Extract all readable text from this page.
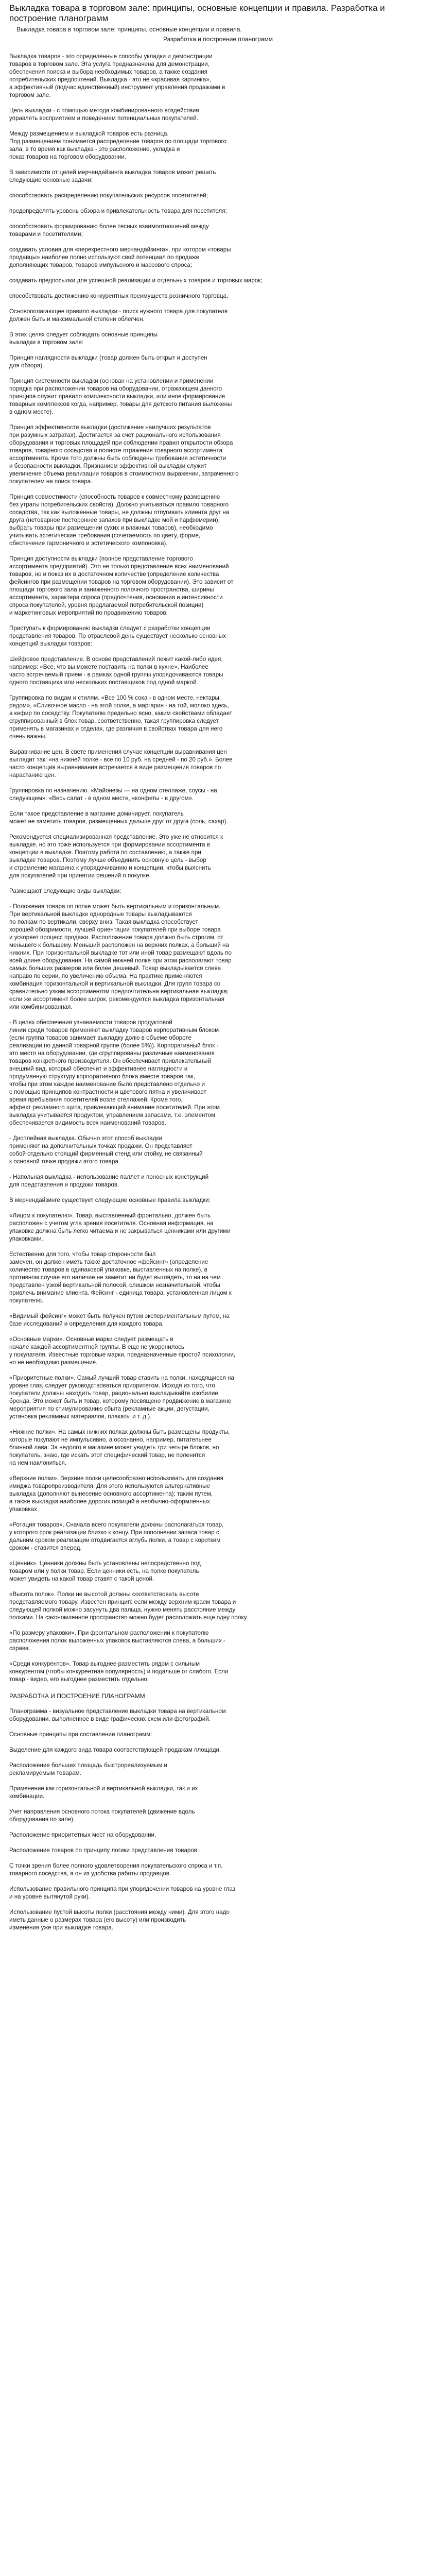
Выкладка товара в торговом зале: принципы, основные концепции и правила. Разработка и построение планограмм
Выкладка товара в торговом зале: принципы, основные концепции и правила.
Разработка и построение планограмм
Выкладка товаров - это определенные способы укладки и демонстрации
товаров в торговом зале. Эта услуга предназначена для демонстрации,
обеспечения поиска и выбора необходимых товаров, а также создания
потребительских предпочтений. Выкладка - это не «красивая картинка»,
а эффективный (подчас единственный) инструмент управления продажами в
торговом зале.
Цель выкладки - с помощью метода комбинированного воздействия
управлять восприятием и поведением потенциальных покупателей.
Между размещением и выкладкой товаров есть разница.
Под размещением понимается распределение товаров по площади торгового
зала, в то время как выкладка - это расположение, укладка и
показ товаров на торговом оборудовании.
В зависимости от целей мерчендайзинга выкладка товаров может решать
следующие основные задачи:
способствовать распределению покупательских ресурсов посетителей;
предопределять уровень обзора и привлекательность товара для посетителя;
способствовать формированию более тесных взаимоотношений между
товарами и посетителями;
создавать условия для «перекрестного мерчандайзинга», при котором «товары
продавцы» наиболее полно используют свой потенциал по продаже
дополняющих товаров, товаров импульсного и массового спроса;
создавать предпосылки для успешной реализации и отдельных товаров и торговых марок;
способствовать достижению конкурентных преимуществ розничного торговца.
Основополагающее правило выкладки - поиск нужного товара для покупателя
должен быть и максимальной степени облегчен.
В этих целях следует соблюдать основные принципы
выкладки в торговом зале:
Принцип наглядности выкладки (товар должен быть открыт и доступен
для обзора).
Принцип системности выкладки (основан на установлении и применении
порядка при расположении товаров на оборудовании, отражающем данного
принципа служит правило комплексности выкладки, или иное формирование
товарных комплексов когда, например, товары для детского питания выложены
в одном месте).
Принцип эффективности выкладки (достижение наилучших результатов
при разумных затратах). Достигается за счет рационального использования
оборудования и торговых площадей при соблюдении правил открытости обзора
товаров, товарного соседства и полноте отражения товарного ассортимента
ассортимента. Кроме того должны быть соблюдены требования эстетичности
и безопасности выкладки. Признанием эффективной выкладки служит
увеличение объема реализации товаров в стоимостном выражении, затраченного
покупателем на поиск товара.
Принцип совместимости (способность товаров к совместному размещению
без утраты потребительских свойств). Должно учитываться правило товарного
соседства, так как выложенные товары, не должны отпугивать клиента друг на
друга (нетоварное постороннее запахов при выкладке мой и парфюмерии),
выбрать товары при размещении сухих и влажных товаров), необходимо
учитывать эстетические требования (сочетаемость по цвету, форме,
обеспечение гармоничного и эстетического компоновка).
Принцип доступности выкладки (полное представление торгового
ассортимента предприятий). Это не только представление всех наименований
товаров, но и показ их в достаточном количестве (определение количества
фейсингов при размещении товаров на торговом оборудовании). Это зависит от
площади торгового зала и заниженного полочного пространства, ширины
ассортимента, характера спроса (предпочтения, основания и интенсивности
спроса покупателей, уровня предлагаемой потребительской позиции)
и маркетинговых мероприятий по продвижению товаров.
Приступать к формированию выкладки следует с разработки концепции
представления товаров. По отраслевой день существует несколько основных
концепций выкладки товаров:
Шейфовое представление. В основе представлений лежит какой-либо идея,
например: «Все, что вы можете поставить на полки в кухне». Наиболее
часто встречаемый прием - в рамках одной группы упорядочиваются товары
одного поставщика или нескольких поставщиков под одной маркой.
Группировка по видам и стилям. «Все 100 % сока - в одном месте, нектары,
рядом», «Сливочное масло - на этой полке, а маргарин - на той, молоко здесь,
а кефир по соседству. Покупателю предельно ясно, каким свойствами обладает
сгруппированный в блок товар, соответственно, такая группировка следует
применять в магазинах и отделах, где различия в свойствах товара для него
очень важны.
Выравнивание цен. В свете применения случае концепции выравнивания цен
выглядит так: «на нижней полке - все по 10 руб. на средней - по 20 руб.». Более
часто концепция выравнивания встречается в виде размещения товаров по
нарастанию цен.
Группировка по назначению. «Майонезы — на одном стеллаже, соусы - на
следующем». «Весь салат - в одном месте, «конфеты - в другом».
Если такое представление в магазине доминирует, покупатель
может не заметить товаров, размещенных дальше друг от друга (соль, сахар).
Рекомендуется специализированная представление. Это уже не относится к
выкладке, но это тоже используется при формировании ассортимента в
концепции в выкладке. Поэтому работа по составлению, а также при
выкладке товаров. Поэтому лучше объединить основную цель - выбор
и стремление магазина к упорядочиванию и концепции, чтобы выяснить
для покупателей при принятии решений о покупке.
Размещают следующие виды выкладки:
- Положения товара по полке может быть вертикальным и горизонтальным.
При вертикальной выкладке однородные товары выкладываются
по полкам по вертикали, сверху вниз. Такая выкладка способствует
хорошей обозримости, лучшей ориентации покупателей при выборе товара
и ускоряет процесс продажи. Расположение товара должно быть строгим, от
меньшего к большему. Меньший расположен на верхних полках, а больший на
нижних. При горизонтальной выкладке тот или иной товар размещают вдоль по
всей длине оборудования. На самой нижней полке при этом располагают товар
самых больших размеров или более дешевый. Товар выкладывается слева
направо по серии, по увеличению объема. На практике применяются
комбинация горизонтальной и вертикальной выкладки. Для групп товара со
сравнительно узким ассортиментом предпочтительна вертикальная выкладка;
если же ассортимент более широк, рекомендуется выкладка горизонтальная
или комбинированная.
- В целях обеспечения узнаваемости товаров продуктовой
линии среди товаров применяют выкладку товаров корпоративным блоком
(если группа товаров занимает выкладку долю в объеме обороте
реализации по данной товарной группе (более 5%)). Корпоративный блок -
это место на оборудовании, где сгруппированы различные наименования
товаров конкретного производителя. Он обеспечивает привлекательный
внешний вид, который обеспечит и эффективнее наглядности и
продуманную структуру корпоративного блока вместе товаров так,
чтобы при этом каждое наименование было представлено отдельно и
с помощью принципов контрастности и цветового пятна и увеличивает
время пребывания посетителей возле стеллажей. Кроме того,
эффект рекламного щита, привлекающий внимание посетителей. При этом
выкладка учитывается продуктом, управлением запасами, т.е. элементом
обеспечивается видимость всех наименований товаров.
- Дисплейная выкладка. Обычно этот способ выкладки
применяют на дополнительных точках продажи. Он представляет
собой отдельно стоящий фирменный стенд или стойку, не связанный
к основной точке продажи этого товара.
- Напольная выкладка - использование паллет и поносных конструкций
для представления и продажи товаров.
В мерчендайзинге существует следующие основные правила выкладки:
«Лицом к покупателю». Товар, выставленный фронтально, должен быть
расположен с учетом угла зрения посетителя. Основная информация, на
упаковке должна быть легко читаема и не закрываться ценниками или другими
упаковками.
Естественно для того, чтобы товар сторонности был
замечен, он должен иметь также достаточное «фейсинг» (определение
количество товаров в одинаковой упаковке, выставленных на полке), в
противном случае его наличие не заметит ни будет выглядеть, то на на чем
представлен узкой вертикальной полосой, слишком незначительной, чтобы
привлечь внимание клиента. Фейсинг - единица товара, установленная лицом к
покупателю.
«Видимый фейсинг» может быть получен путем экспериментальным путем, на
базе исследований и определения для каждого товара.
«Основные марки». Основные марки следует размещать в
начале каждой ассортиментной группы. В еще не укоренилось
у покупателя. Известные торговые марки, предназначенные простой психологии,
но не необходимо размещение.
«Приоритетные полки». Самый лучший товар ставить на полки, находящиеся на
уровне глаз, следует руководствоваться приоритетом. Исходя из того, что
покупатели должны находить товар, рационально выкладывайте изобилие
бренда. Это может быть и товар, которому посвящено продвижение в магазине
мероприятия по стимулированию сбыта (рекламные акции, дегустации,
установка рекламных материалов, плакаты и т. д.).
«Нижние полки». На самых нижних полках должны быть размещены продукты,
которые покупают не импульсивно, а осознанно, например, питательнее
блинной лава. За недолго я магазине может увидеть три четыре блоков, но
покупатель, знаю, где искать этот специфический товар, не поленится
на нем наклониться.
«Верхние полки». Верхние полки целесообразно использовать для создания
имиджа товаропроизводителя. Для этого используются альтернативные
выкладка (дополняют вынесение основного ассортимента); таким путем,
а также выкладка наиболее дорогих позиций в необычно-оформленных
упаковках.
«Ротация товаров». Сначала всего покупатели должны располагаться товар,
у которого срок реализации близко к концу. При пополнении запаса товар с
дальним сроком реализации отодвигается вглубь полки, а товар с коротким
сроком - ставится вперед.
«Ценник». Ценники должны быть установлены непосредственно под
товаром или у полки товар. Если ценники есть, на полке покупатель
может увидеть на какой товар ставят с такой ценой.
«Высота полок». Полки не высотой должны соответствовать высоте
представляемого товару. Известен принцип: если между верхним краем товара и
следующей полкой можно засунуть два пальца, нужно менять расстояние между
полками. На сэкономленное пространство можно будет расположить еще одну полку.
«По размеру упаковки». При фронтальном расположении к покупателю
расположения полок выложенных упаковок выставляются слева, а больших -
справа.
«Среди конкурентов». Товар выгоднее разместить рядом с сильным
конкурентом (чтобы конкурентная популярность) и подальше от слабого. Если
товар - видео, его выгоднее разместить отдельно.
РАЗРАБОТКА И ПОСТРОЕНИЕ ПЛАНОГРАММ
Планограмма - визуальное представление выкладки товара на вертикальном
оборудовании, выполненное в виде графических схем или фотографий.
Основные принципы при составлении планограмм:
Выделение для каждого вида товара соответствующей продажам площади.
Расположение больших площадь быстрореализуемым и
рекламируемым товарам.
Применение как горизонтальной и вертикальной выкладки, так и их
комбинации.
Учет направления основного потока покупателей (движение вдоль
оборудования по зале).
Расположение приоритетных мест на оборудовании.
Расположение товаров по принципу логики представления товаров.
С точки зрения более полного удовлетворения покупательского спроса и т.п.
товарного соседства, а он из удобства работы продавцов.
Использование правильного принципа при упорядочении товаров на уровне глаз
и на уровне вытянутой руки).
Использование пустой высоты полки (расстояния между ними). Для этого надо
иметь данные о размерах товара (его высоту) или производить
изменения уже при выкладке товара.
